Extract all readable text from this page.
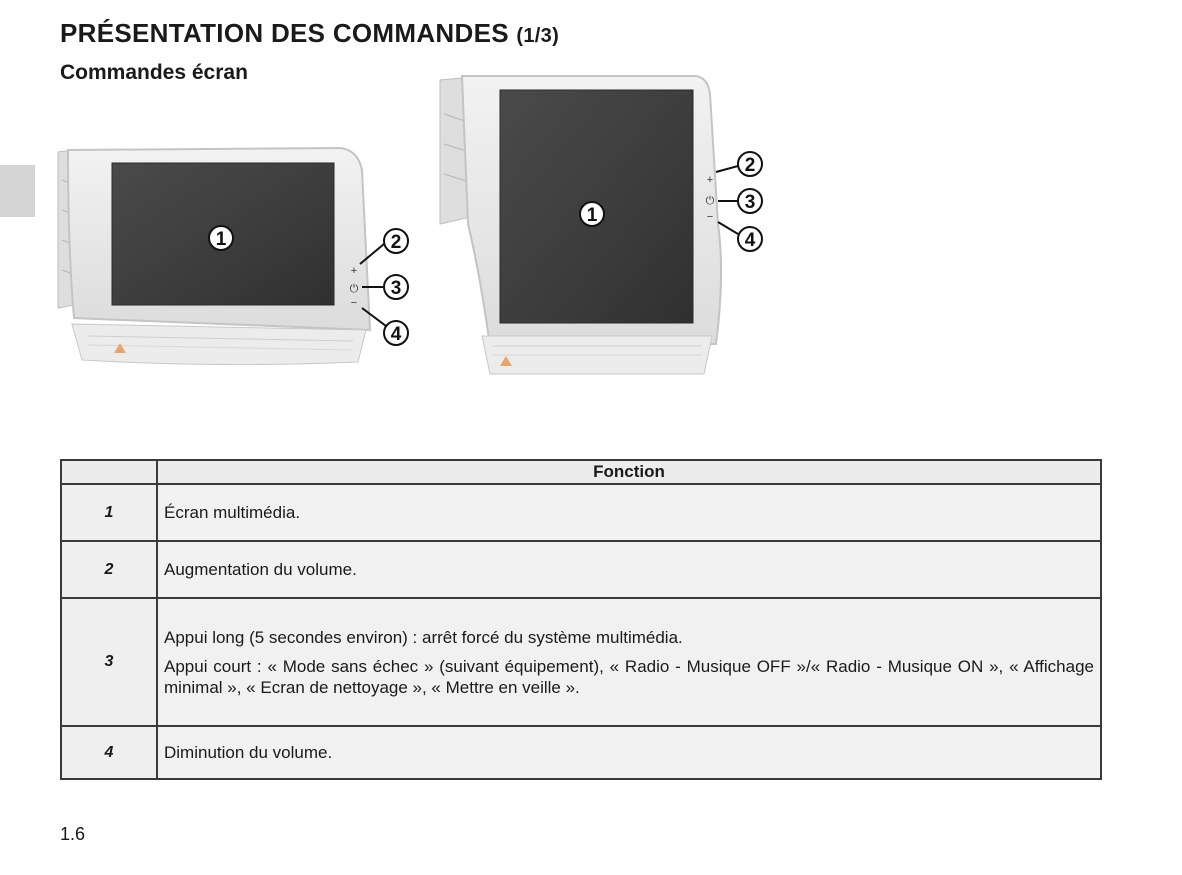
PRÉSENTATION DES COMMANDES (1/3)
Commandes écran
1
+
⏻
−
2
3
4
1
+
⏻
−
2
3
4
	Fonction
1	Écran multimédia.

2	Augmentation du volume.

3	Appui long (5 secondes environ) : arrêt forcé du système multimédia.

Appui court : « Mode sans échec » (suivant équipement), « Radio - Musique OFF »/« Radio - Musique ON », « Affichage minimal », « Ecran de nettoyage », « Mettre en veille ».

4	Diminution du volume.

1.6
